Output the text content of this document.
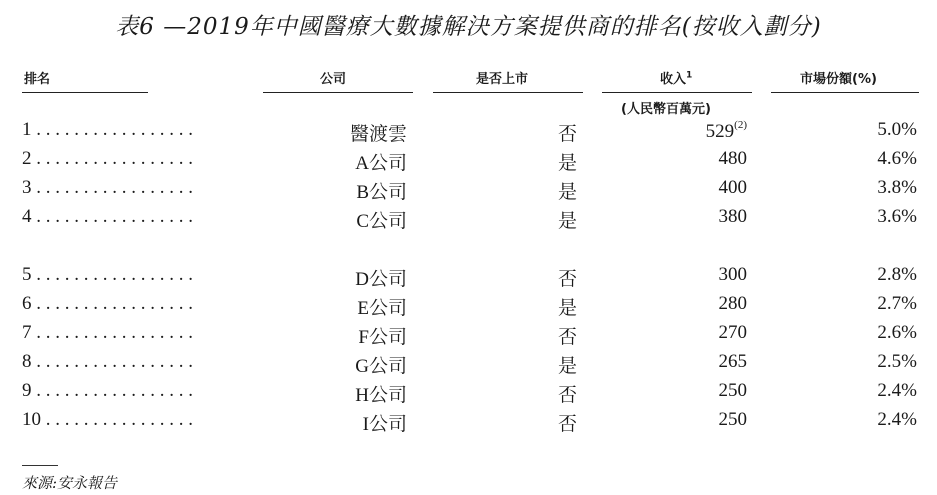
表6 —2019年中國醫療大數據解決方案提供商的排名(按收入劃分)
排名	公司	是否上市	收入$^1$	市場份額(%)
(人民幣百萬元)
1 . . . . . . . . . . . . . . . . .	醫渡雲	否	529$^{(2)}$	5.0%
2 . . . . . . . . . . . . . . . . .	A公司	是	480	4.6%
3 . . . . . . . . . . . . . . . . .	B公司	是	400	3.8%
4 . . . . . . . . . . . . . . . . .	C公司	是	380	3.6%
5 . . . . . . . . . . . . . . . . .	D公司	否	300	2.8%
6 . . . . . . . . . . . . . . . . .	E公司	是	280	2.7%
7 . . . . . . . . . . . . . . . . .	F公司	否	270	2.6%
8 . . . . . . . . . . . . . . . . .	G公司	是	265	2.5%
9 . . . . . . . . . . . . . . . . .	H公司	否	250	2.4%
10 . . . . . . . . . . . . . . . .	I公司	否	250	2.4%
來源:安永報告
